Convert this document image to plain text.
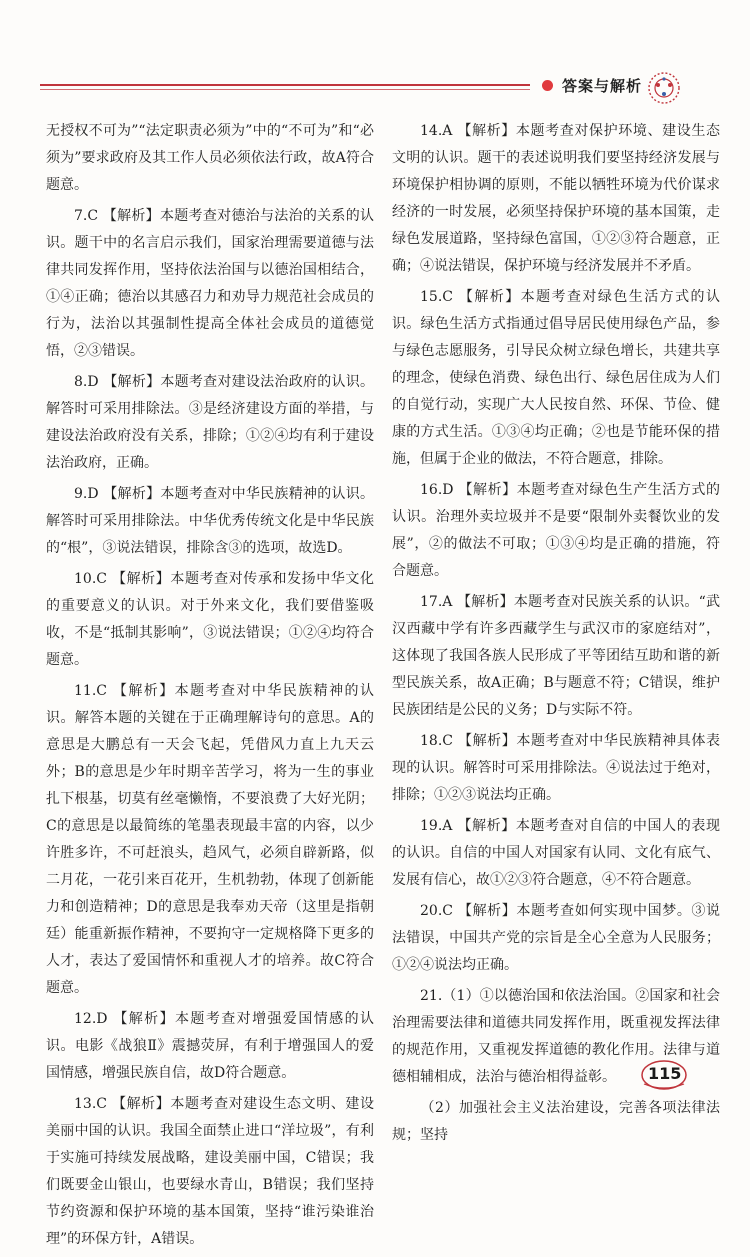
答案与解析

无授权不可为”“法定职责必须为”中的“不可为”和“必须为”要求政府及其工作人员必须依法行政，故A符合题意。

7.C 【解析】本题考查对德治与法治的关系的认识。题干中的名言启示我们，国家治理需要道德与法律共同发挥作用，坚持依法治国与以德治国相结合，①④正确；德治以其感召力和劝导力规范社会成员的行为，法治以其强制性提高全体社会成员的道德觉悟，②③错误。

8.D 【解析】本题考查对建设法治政府的认识。解答时可采用排除法。③是经济建设方面的举措，与建设法治政府没有关系，排除；①②④均有利于建设法治政府，正确。

9.D 【解析】本题考查对中华民族精神的认识。解答时可采用排除法。中华优秀传统文化是中华民族的“根”，③说法错误，排除含③的选项，故选D。

10.C 【解析】本题考查对传承和发扬中华文化的重要意义的认识。对于外来文化，我们要借鉴吸收，不是“抵制其影响”，③说法错误；①②④均符合题意。

11.C 【解析】本题考查对中华民族精神的认识。解答本题的关键在于正确理解诗句的意思。A的意思是大鹏总有一天会飞起，凭借风力直上九天云外；B的意思是少年时期辛苦学习，将为一生的事业扎下根基，切莫有丝毫懒惰，不要浪费了大好光阴；C的意思是以最简练的笔墨表现最丰富的内容，以少许胜多许，不可赶浪头，趋风气，必须自辟新路，似二月花，一花引来百花开，生机勃勃，体现了创新能力和创造精神；D的意思是我奉劝天帝（这里是指朝廷）能重新振作精神，不要拘守一定规格降下更多的人才，表达了爱国情怀和重视人才的培养。故C符合题意。

12.D 【解析】本题考查对增强爱国情感的认识。电影《战狼Ⅱ》震撼荧屏，有利于增强国人的爱国情感，增强民族自信，故D符合题意。

13.C 【解析】本题考查对建设生态文明、建设美丽中国的认识。我国全面禁止进口“洋垃圾”，有利于实施可持续发展战略，建设美丽中国，C错误；我们既要金山银山，也要绿水青山，B错误；我们坚持节约资源和保护环境的基本国策，坚持“谁污染谁治理”的环保方针，A错误。

14.A 【解析】本题考查对保护环境、建设生态文明的认识。题干的表述说明我们要坚持经济发展与环境保护相协调的原则，不能以牺牲环境为代价谋求经济的一时发展，必须坚持保护环境的基本国策，走绿色发展道路，坚持绿色富国，①②③符合题意，正确；④说法错误，保护环境与经济发展并不矛盾。

15.C 【解析】本题考查对绿色生活方式的认识。绿色生活方式指通过倡导居民使用绿色产品，参与绿色志愿服务，引导民众树立绿色增长，共建共享的理念，使绿色消费、绿色出行、绿色居住成为人们的自觉行动，实现广大人民按自然、环保、节俭、健康的方式生活。①③④均正确；②也是节能环保的措施，但属于企业的做法，不符合题意，排除。

16.D 【解析】本题考查对绿色生产生活方式的认识。治理外卖垃圾并不是要“限制外卖餐饮业的发展”，②的做法不可取；①③④均是正确的措施，符合题意。

17.A 【解析】本题考查对民族关系的认识。“武汉西藏中学有许多西藏学生与武汉市的家庭结对”，这体现了我国各族人民形成了平等团结互助和谐的新型民族关系，故A正确；B与题意不符；C错误，维护民族团结是公民的义务；D与实际不符。

18.C 【解析】本题考查对中华民族精神具体表现的认识。解答时可采用排除法。④说法过于绝对，排除；①②③说法均正确。

19.A 【解析】本题考查对自信的中国人的表现的认识。自信的中国人对国家有认同、文化有底气、发展有信心，故①②③符合题意，④不符合题意。

20.C 【解析】本题考查如何实现中国梦。③说法错误，中国共产党的宗旨是全心全意为人民服务；①②④说法均正确。

21.（1）①以德治国和依法治国。②国家和社会治理需要法律和道德共同发挥作用，既重视发挥法律的规范作用，又重视发挥道德的教化作用。法律与道德相辅相成，法治与德治相得益彰。

（2）加强社会主义法治建设，完善各项法律法规；坚持

115
